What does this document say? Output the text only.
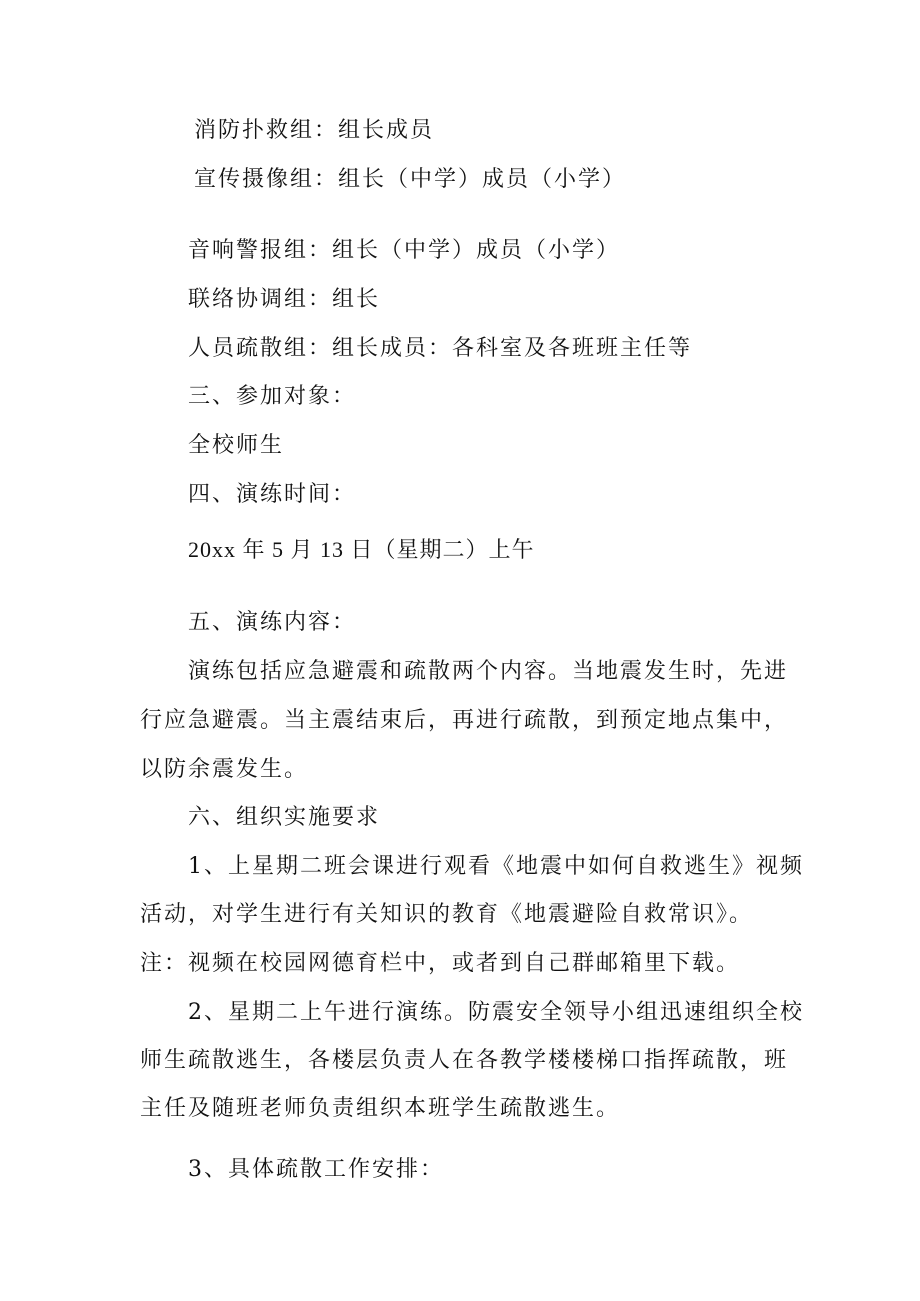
消防扑救组：组长成员
宣传摄像组：组长（中学）成员（小学）
音响警报组：组长（中学）成员（小学）
联络协调组：组长
人员疏散组：组长成员：各科室及各班班主任等
三、参加对象：
全校师生
四、演练时间：
20xx 年 5 月 13 日（星期二）上午
五、演练内容：
演练包括应急避震和疏散两个内容。当地震发生时，先进
行应急避震。当主震结束后，再进行疏散，到预定地点集中，
以防余震发生。
六、组织实施要求
1、上星期二班会课进行观看《地震中如何自救逃生》视频
活动，对学生进行有关知识的教育《地震避险自救常识》。
注：视频在校园网德育栏中，或者到自己群邮箱里下载。
2、星期二上午进行演练。防震安全领导小组迅速组织全校
师生疏散逃生，各楼层负责人在各教学楼楼梯口指挥疏散，班
主任及随班老师负责组织本班学生疏散逃生。
3、具体疏散工作安排：
